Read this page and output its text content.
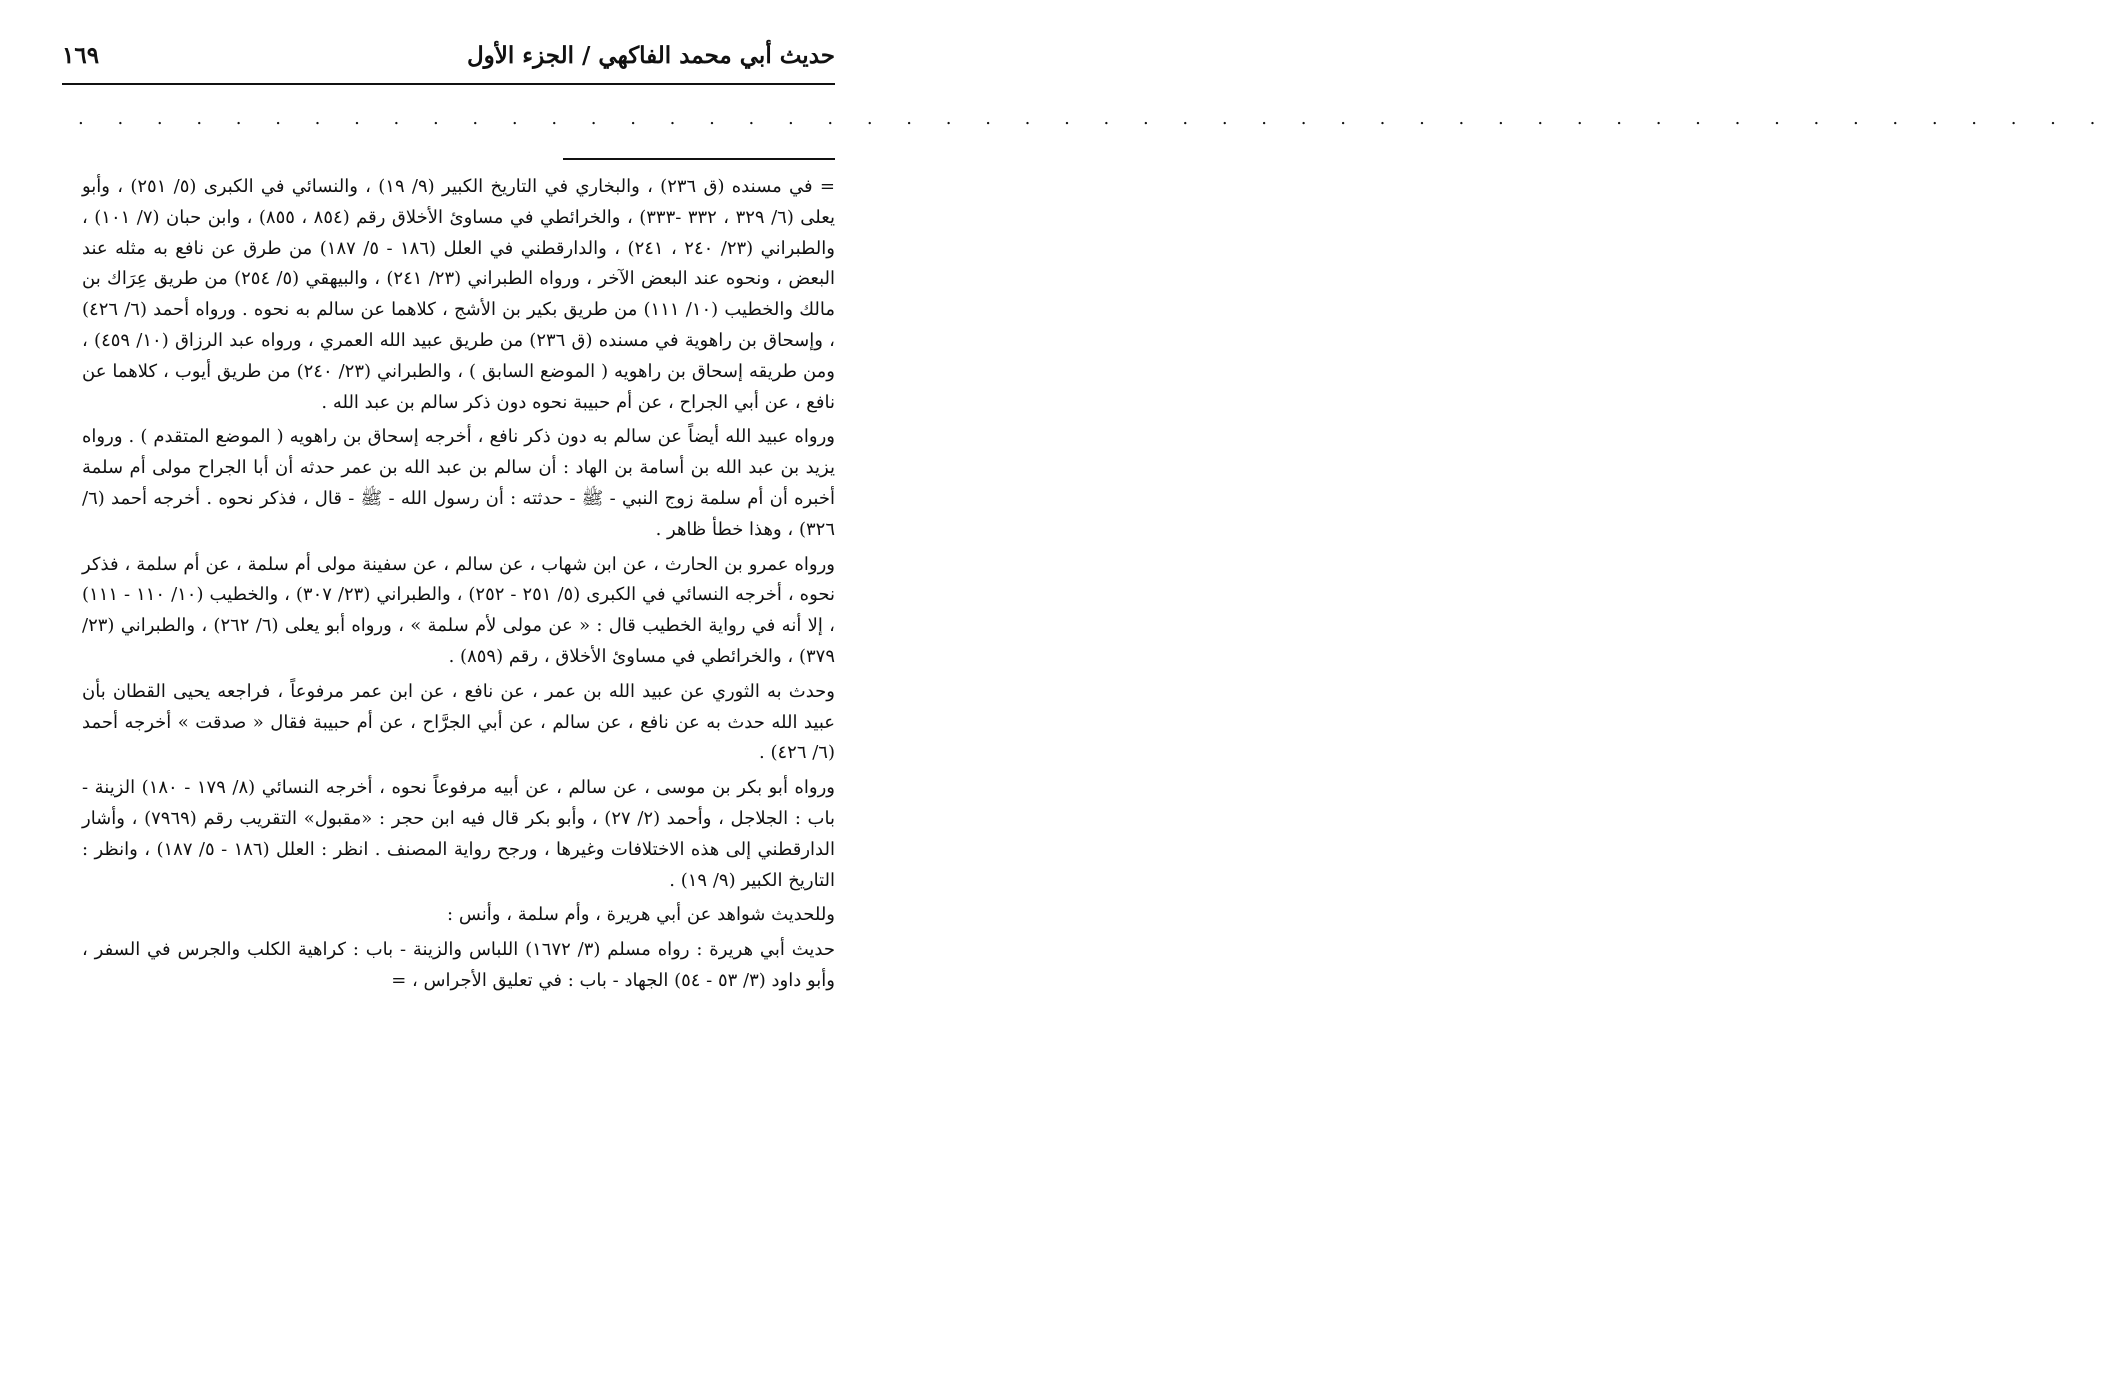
حديث أبي محمد الفاكهي / الجزء الأول
١٦٩
. . . . . . . . . . . . . . . . . . . . . . . . . . . . . . . . . . . . . . . . . . . . . . . . . . . .

= في مسنده (ق ٢٣٦) ، والبخاري في التاريخ الكبير (٩/ ١٩) ، والنسائي في الكبرى (٥/ ٢٥١) ، وأبو يعلى (٦/ ٣٢٩ ، ٣٣٢ -٣٣٣) ، والخرائطي في مساوئ الأخلاق رقم (٨٥٤ ، ٨٥٥) ، وابن حبان (٧/ ١٠١) ، والطبراني (٢٣/ ٢٤٠ ، ٢٤١) ، والدارقطني في العلل (١٨٦ - ٥/ ١٨٧) من طرق عن نافع به مثله عند البعض ، ونحوه عند البعض الآخر ، ورواه الطبراني (٢٣/ ٢٤١) ، والبيهقي (٥/ ٢٥٤) من طريق عِرَاك بن مالك والخطيب (١٠/ ١١١) من طريق بكير بن الأشج ، كلاهما عن سالم به نحوه . ورواه أحمد (٦/ ٤٢٦) ، وإسحاق بن راهوية في مسنده (ق ٢٣٦) من طريق عبيد الله العمري ، ورواه عبد الرزاق (١٠/ ٤٥٩) ، ومن طريقه إسحاق بن راهويه ( الموضع السابق ) ، والطبراني (٢٣/ ٢٤٠) من طريق أيوب ، كلاهما عن نافع ، عن أبي الجراح ، عن أم حبيبة نحوه دون ذكر سالم بن عبد الله .

ورواه عبيد الله أيضاً عن سالم به دون ذكر نافع ، أخرجه إسحاق بن راهويه ( الموضع المتقدم ) . ورواه يزيد بن عبد الله بن أسامة بن الهاد : أن سالم بن عبد الله بن عمر حدثه أن أبا الجراح مولى أم سلمة أخبره أن أم سلمة زوج النبي - ﷺ - حدثته : أن رسول الله - ﷺ - قال ، فذكر نحوه . أخرجه أحمد (٦/ ٣٢٦) ، وهذا خطأ ظاهر .

ورواه عمرو بن الحارث ، عن ابن شهاب ، عن سالم ، عن سفينة مولى أم سلمة ، عن أم سلمة ، فذكر نحوه ، أخرجه النسائي في الكبرى (٥/ ٢٥١ - ٢٥٢) ، والطبراني (٢٣/ ٣٠٧) ، والخطيب (١٠/ ١١٠ - ١١١) ، إلا أنه في رواية الخطيب قال : « عن مولى لأم سلمة » ، ورواه أبو يعلى (٦/ ٢٦٢) ، والطبراني (٢٣/ ٣٧٩) ، والخرائطي في مساوئ الأخلاق ، رقم (٨٥٩) .

وحدث به الثوري عن عبيد الله بن عمر ، عن نافع ، عن ابن عمر مرفوعاً ، فراجعه يحيى القطان بأن عبيد الله حدث به عن نافع ، عن سالم ، عن أبي الجرَّاح ، عن أم حبيبة فقال « صدقت » أخرجه أحمد (٦/ ٤٢٦) .

ورواه أبو بكر بن موسى ، عن سالم ، عن أبيه مرفوعاً نحوه ، أخرجه النسائي (٨/ ١٧٩ - ١٨٠) الزينة - باب : الجلاجل ، وأحمد (٢/ ٢٧) ، وأبو بكر قال فيه ابن حجر : «مقبول» التقريب رقم (٧٩٦٩) ، وأشار الدارقطني إلى هذه الاختلافات وغيرها ، ورجح رواية المصنف . انظر : العلل (١٨٦ - ٥/ ١٨٧) ، وانظر : التاريخ الكبير (٩/ ١٩) .

وللحديث شواهد عن أبي هريرة ، وأم سلمة ، وأنس :

حديث أبي هريرة : رواه مسلم (٣/ ١٦٧٢) اللباس والزينة - باب : كراهية الكلب والجرس في السفر ، وأبو داود (٣/ ٥٣ - ٥٤) الجهاد - باب : في تعليق الأجراس ، =
